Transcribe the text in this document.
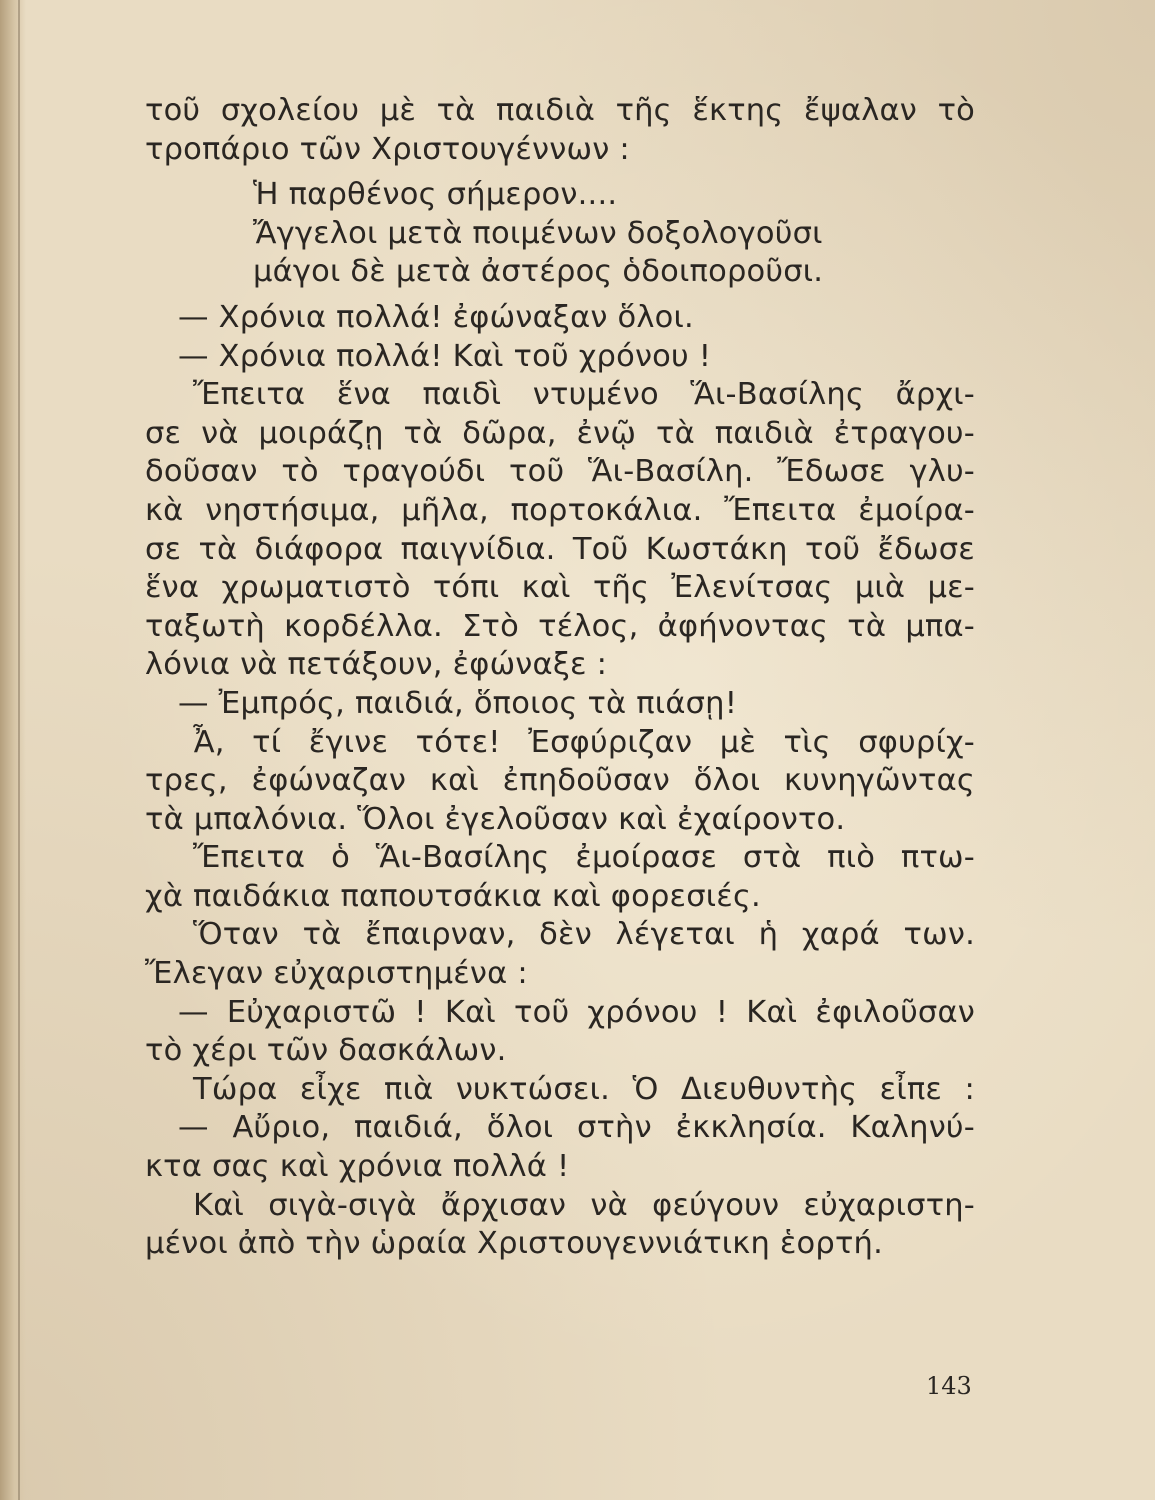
τοῦ σχολείου μὲ τὰ παιδιὰ τῆς ἕκτης ἔψαλαν τὸ
τροπάριο τῶν Χριστουγέννων :
Ἡ παρθένος σήμερον....
Ἄγγελοι μετὰ ποιμένων δοξολογοῦσι
μάγοι δὲ μετὰ ἀστέρος ὁδοιποροῦσι.
— Χρόνια πολλά! ἐφώναξαν ὅλοι.
— Χρόνια πολλά! Καὶ τοῦ χρόνου !
Ἔπειτα ἕνα παιδὶ ντυμένο Ἅι-Βασίλης ἄρχι-
σε νὰ μοιράζῃ τὰ δῶρα, ἐνῷ τὰ παιδιὰ ἐτραγου-
δοῦσαν τὸ τραγούδι τοῦ Ἅι-Βασίλη. Ἔδωσε γλυ-
κὰ νηστήσιμα, μῆλα, πορτοκάλια. Ἔπειτα ἐμοίρα-
σε τὰ διάφορα παιγνίδια. Τοῦ Κωστάκη τοῦ ἔδωσε
ἕνα χρωματιστὸ τόπι καὶ τῆς Ἐλενίτσας μιὰ με-
ταξωτὴ κορδέλλα. Στὸ τέλος, ἀφήνοντας τὰ μπα-
λόνια νὰ πετάξουν, ἐφώναξε :
— Ἐμπρός, παιδιά, ὅποιος τὰ πιάσῃ!
Ἆ, τί ἔγινε τότε! Ἐσφύριζαν μὲ τὶς σφυρίχ-
τρες, ἐφώναζαν καὶ ἐπηδοῦσαν ὅλοι κυνηγῶντας
τὰ μπαλόνια. Ὅλοι ἐγελοῦσαν καὶ ἐχαίροντο.
Ἔπειτα ὁ Ἅι-Βασίλης ἐμοίρασε στὰ πιὸ πτω-
χὰ παιδάκια παπουτσάκια καὶ φορεσιές.
Ὅταν τὰ ἔπαιρναν, δὲν λέγεται ἡ χαρά των.
Ἔλεγαν εὐχαριστημένα :
— Εὐχαριστῶ ! Καὶ τοῦ χρόνου ! Καὶ ἐφιλοῦσαν
τὸ χέρι τῶν δασκάλων.
Τώρα εἶχε πιὰ νυκτώσει. Ὁ Διευθυντὴς εἶπε :
— Αὔριο, παιδιά, ὅλοι στὴν ἐκκλησία. Καληνύ-
κτα σας καὶ χρόνια πολλά !
Καὶ σιγὰ-σιγὰ ἄρχισαν νὰ φεύγουν εὐχαριστη-
μένοι ἀπὸ τὴν ὡραία Χριστουγεννιάτικη ἑορτή.
143
